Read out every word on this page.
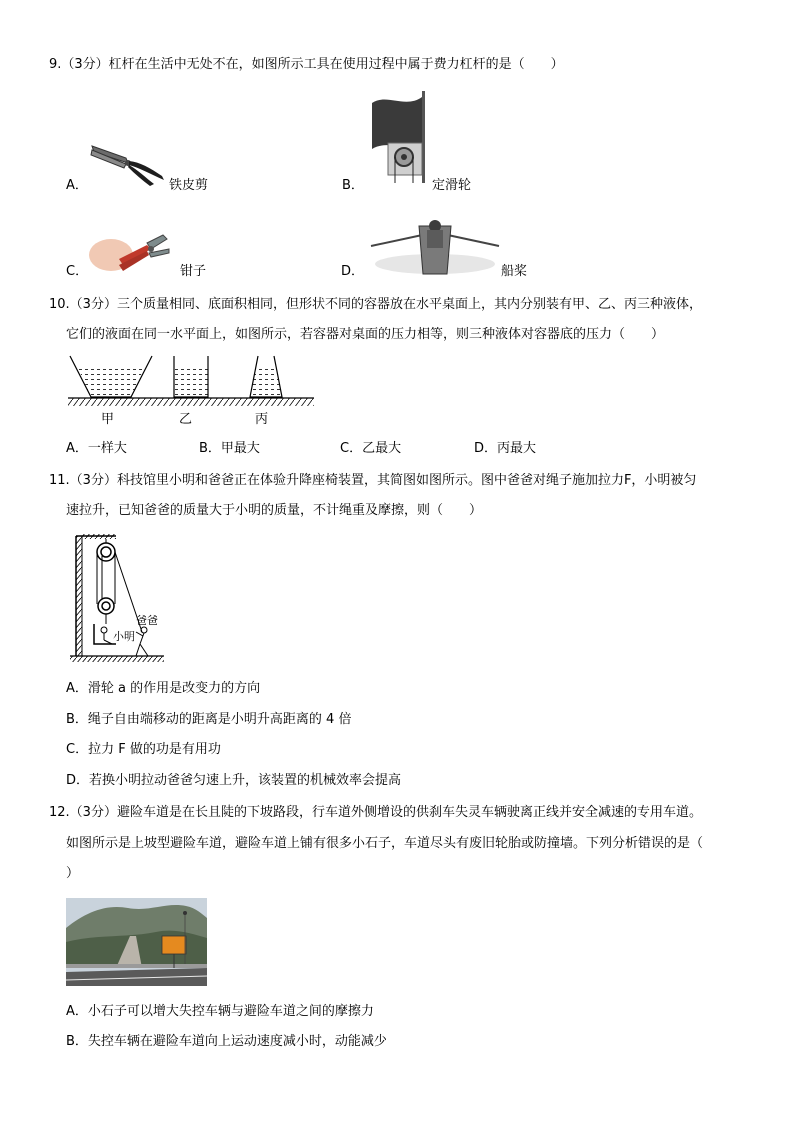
9.（3分）杠杆在生活中无处不在，如图所示工具在使用过程中属于费力杠杆的是（　　）
A．	铁皮剪	B．	定滑轮
C．	钳子	D．	船桨
10.（3分）三个质量相同、底面积相同，但形状不同的容器放在水平桌面上，其内分别装有甲、乙、丙三种液体，
它们的液面在同一水平面上，如图所示，若容器对桌面的压力相等，则三种液体对容器底的压力（　　）
甲	乙	丙
A．一样大	B．甲最大	C．乙最大	D．丙最大
11.（3分）科技馆里小明和爸爸正在体验升降座椅装置，其简图如图所示。图中爸爸对绳子施加拉力F，小明被匀
速拉升，已知爸爸的质量大于小明的质量，不计绳重及摩擦，则（　　）
爸爸
小明
A．滑轮 a 的作用是改变力的方向
B．绳子自由端移动的距离是小明升高距离的 4 倍
C．拉力 F 做的功是有用功
D．若换小明拉动爸爸匀速上升，该装置的机械效率会提高
12.（3分）避险车道是在长且陡的下坡路段，行车道外侧增设的供刹车失灵车辆驶离正线并安全减速的专用车道。
如图所示是上坡型避险车道，避险车道上铺有很多小石子，车道尽头有废旧轮胎或防撞墙。下列分析错误的是（
）
A．小石子可以增大失控车辆与避险车道之间的摩擦力
B．失控车辆在避险车道向上运动速度减小时，动能减少
